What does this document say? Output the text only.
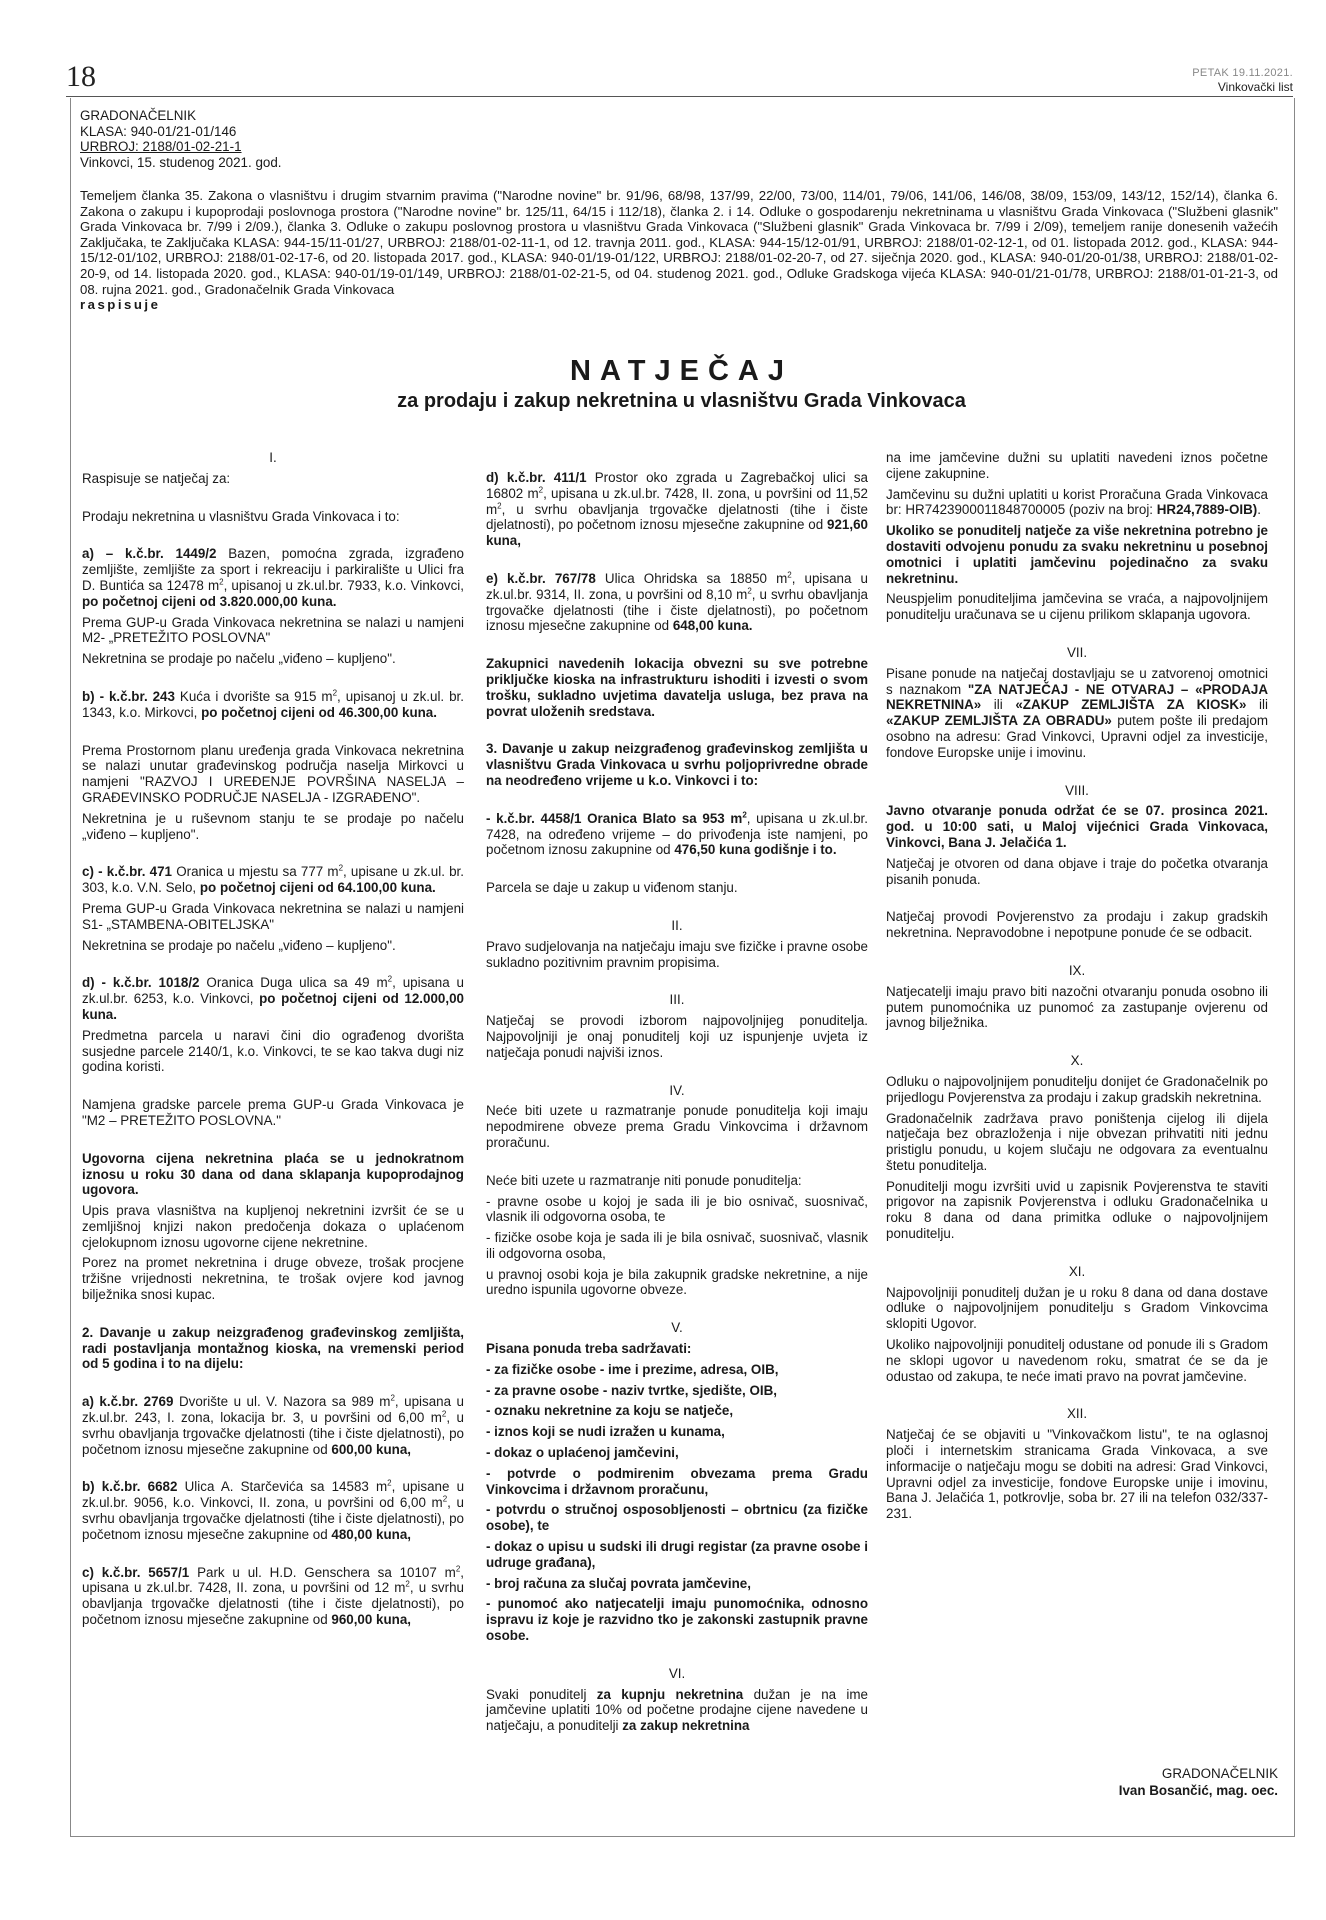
18	PETAK 19.11.2021.
Vinkovački list
GRADONAČELNIK
KLASA: 940-01/21-01/146
URBROJ: 2188/01-02-21-1
Vinkovci, 15. studenog 2021. god.
Temeljem članka 35. Zakona o vlasništvu i drugim stvarnim pravima ("Narodne novine" br. 91/96, 68/98, 137/99, 22/00, 73/00, 114/01, 79/06, 141/06, 146/08, 38/09, 153/09, 143/12, 152/14), članka 6. Zakona o zakupu i kupoprodaji poslovnoga prostora ("Narodne novine" br. 125/11, 64/15 i 112/18), članka 2. i 14. Odluke o gospodarenju nekretninama u vlasništvu Grada Vinkovaca ("Službeni glasnik" Grada Vinkovaca br. 7/99 i 2/09.), članka 3. Odluke o zakupu poslovnog prostora u vlasništvu Grada Vinkovaca ("Službeni glasnik" Grada Vinkovaca br. 7/99 i 2/09), temeljem ranije donesenih važećih Zaključaka, te Zaključaka KLASA: 944-15/11-01/27, URBROJ: 2188/01-02-11-1, od 12. travnja 2011. god., KLASA: 944-15/12-01/91, URBROJ: 2188/01-02-12-1, od 01. listopada 2012. god., KLASA: 944-15/12-01/102, URBROJ: 2188/01-02-17-6, od 20. listopada 2017. god., KLASA: 940-01/19-01/122, URBROJ: 2188/01-02-20-7, od 27. siječnja 2020. god., KLASA: 940-01/20-01/38, URBROJ: 2188/01-02-20-9, od 14. listopada 2020. god., KLASA: 940-01/19-01/149, URBROJ: 2188/01-02-21-5, od 04. studenog 2021. god., Odluke Gradskoga vijeća KLASA: 940-01/21-01/78, URBROJ: 2188/01-01-21-3, od 08. rujna 2021. god., Gradonačelnik Grada Vinkovaca
raspisuje
NATJEČAJ
za prodaju i zakup nekretnina u vlasništvu Grada Vinkovaca

I.

Raspisuje se natječaj za:

Prodaju nekretnina u vlasništvu Grada Vinkovaca i to:

a) – k.č.br. 1449/2 Bazen, pomoćna zgrada, izgrađeno zemljište, zemljište za sport i rekreaciju i parkiralište u Ulici fra D. Buntića sa 12478 $m^2$, upisanoj u zk.ul.br. 7933, k.o. Vinkovci, po početnoj cijeni od 3.820.000,00 kuna.

Prema GUP-u Grada Vinkovaca nekretnina se nalazi u namjeni M2- „PRETEŽITO POSLOVNA"

Nekretnina se prodaje po načelu „viđeno – kupljeno".

b) - k.č.br. 243 Kuća i dvorište sa 915 $m^2$, upisanoj u zk.ul. br. 1343, k.o. Mirkovci, po početnoj cijeni od 46.300,00 kuna.

Prema Prostornom planu uređenja grada Vinkovaca nekretnina se nalazi unutar građevinskog područja naselja Mirkovci u namjeni "RAZVOJ I UREĐENJE POVRŠINA NASELJA – GRAĐEVINSKO PODRUČJE NASELJA - IZGRAĐENO".

Nekretnina je u ruševnom stanju te se prodaje po načelu „viđeno – kupljeno".

c) - k.č.br. 471 Oranica u mjestu sa 777 $m^2$, upisane u zk.ul. br. 303, k.o. V.N. Selo, po početnoj cijeni od 64.100,00 kuna.

Prema GUP-u Grada Vinkovaca nekretnina se nalazi u namjeni S1- „STAMBENA-OBITELJSKA"

Nekretnina se prodaje po načelu „viđeno – kupljeno".

d) - k.č.br. 1018/2 Oranica Duga ulica sa 49 $m^2$, upisana u zk.ul.br. 6253, k.o. Vinkovci, po početnoj cijeni od 12.000,00 kuna.

Predmetna parcela u naravi čini dio ograđenog dvorišta susjedne parcele 2140/1, k.o. Vinkovci, te se kao takva dugi niz godina koristi.

Namjena gradske parcele prema GUP-u Grada Vinkovaca je "M2 – PRETEŽITO POSLOVNA."

Ugovorna cijena nekretnina plaća se u jednokratnom iznosu u roku 30 dana od dana sklapanja kupoprodajnog ugovora.

Upis prava vlasništva na kupljenoj nekretnini izvršit će se u zemljišnoj knjizi nakon predočenja dokaza o uplaćenom cjelokupnom iznosu ugovorne cijene nekretnine.

Porez na promet nekretnina i druge obveze, trošak procjene tržišne vrijednosti nekretnina, te trošak ovjere kod javnog bilježnika snosi kupac.

2. Davanje u zakup neizgrađenog građevinskog zemljišta, radi postavljanja montažnog kioska, na vremenski period od 5 godina i to na dijelu:

a) k.č.br. 2769 Dvorište u ul. V. Nazora sa 989 $m^2$, upisana u zk.ul.br. 243, I. zona, lokacija br. 3, u površini od 6,00 $m^2$, u svrhu obavljanja trgovačke djelatnosti (tihe i čiste djelatnosti), po početnom iznosu mjesečne zakupnine od 600,00 kuna,

b) k.č.br. 6682 Ulica A. Starčevića sa 14583 $m^2$, upisane u zk.ul.br. 9056, k.o. Vinkovci, II. zona, u površini od 6,00 $m^2$, u svrhu obavljanja trgovačke djelatnosti (tihe i čiste djelatnosti), po početnom iznosu mjesečne zakupnine od 480,00 kuna,

c) k.č.br. 5657/1 Park u ul. H.D. Genschera sa 10107 $m^2$, upisana u zk.ul.br. 7428, II. zona, u površini od 12 $m^2$, u svrhu obavljanja trgovačke djelatnosti (tihe i čiste djelatnosti), po početnom iznosu mjesečne zakupnine od 960,00 kuna,

d) k.č.br. 411/1 Prostor oko zgrada u Zagrebačkoj ulici sa 16802 $m^2$, upisana u zk.ul.br. 7428, II. zona, u površini od 11,52 $m^2$, u svrhu obavljanja trgovačke djelatnosti (tihe i čiste djelatnosti), po početnom iznosu mjesečne zakupnine od 921,60 kuna,

e) k.č.br. 767/78 Ulica Ohridska sa 18850 $m^2$, upisana u zk.ul.br. 9314, II. zona, u površini od 8,10 $m^2$, u svrhu obavljanja trgovačke djelatnosti (tihe i čiste djelatnosti), po početnom iznosu mjesečne zakupnine od 648,00 kuna.

Zakupnici navedenih lokacija obvezni su sve potrebne priključke kioska na infrastrukturu ishoditi i izvesti o svom trošku, sukladno uvjetima davatelja usluga, bez prava na povrat uloženih sredstava.

3. Davanje u zakup neizgrađenog građevinskog zemljišta u vlasništvu Grada Vinkovaca u svrhu poljoprivredne obrade na neodređeno vrijeme u k.o. Vinkovci i to:

- k.č.br. 4458/1 Oranica Blato sa 953 $m^2$, upisana u zk.ul.br. 7428, na određeno vrijeme – do privođenja iste namjeni, po početnom iznosu zakupnine od 476,50 kuna godišnje i to.

Parcela se daje u zakup u viđenom stanju.

II.

Pravo sudjelovanja na natječaju imaju sve fizičke i pravne osobe sukladno pozitivnim pravnim propisima.

III.

Natječaj se provodi izborom najpovoljnijeg ponuditelja. Najpovoljniji je onaj ponuditelj koji uz ispunjenje uvjeta iz natječaja ponudi najviši iznos.

IV.

Neće biti uzete u razmatranje ponude ponuditelja koji imaju nepodmirene obveze prema Gradu Vinkovcima i državnom proračunu.

Neće biti uzete u razmatranje niti ponude ponuditelja:

- pravne osobe u kojoj je sada ili je bio osnivač, suosnivač, vlasnik ili odgovorna osoba, te

- fizičke osobe koja je sada ili je bila osnivač, suosnivač, vlasnik ili odgovorna osoba,

u pravnoj osobi koja je bila zakupnik gradske nekretnine, a nije uredno ispunila ugovorne obveze.

V.

Pisana ponuda treba sadržavati:

- za fizičke osobe - ime i prezime, adresa, OIB,

- za pravne osobe - naziv tvrtke, sjedište, OIB,

- oznaku nekretnine za koju se natječe,

- iznos koji se nudi izražen u kunama,

- dokaz o uplaćenoj jamčevini,

- potvrde o podmirenim obvezama prema Gradu Vinkovcima i državnom proračunu,

- potvrdu o stručnoj osposobljenosti – obrtnicu (za fizičke osobe), te

- dokaz o upisu u sudski ili drugi registar (za pravne osobe i udruge građana),

- broj računa za slučaj povrata jamčevine,

- punomoć ako natjecatelji imaju punomoćnika, odnosno ispravu iz koje je razvidno tko je zakonski zastupnik pravne osobe.

VI.

Svaki ponuditelj za kupnju nekretnina dužan je na ime jamčevine uplatiti 10% od početne prodajne cijene navedene u natječaju, a ponuditelji za zakup nekretnina

na ime jamčevine dužni su uplatiti navedeni iznos početne cijene zakupnine.

Jamčevinu su dužni uplatiti u korist Proračuna Grada Vinkovaca br: HR7423900011848700005 (poziv na broj: HR24,7889-OIB).

Ukoliko se ponuditelj natječe za više nekretnina potrebno je dostaviti odvojenu ponudu za svaku nekretninu u posebnoj omotnici i uplatiti jamčevinu pojedinačno za svaku nekretninu.

Neuspjelim ponuditeljima jamčevina se vraća, a najpovoljnijem ponuditelju uračunava se u cijenu prilikom sklapanja ugovora.

VII.

Pisane ponude na natječaj dostavljaju se u zatvorenoj omotnici s naznakom "ZA NATJEČAJ - NE OTVARAJ – «PRODAJA NEKRETNINA» ili «ZAKUP ZEMLJIŠTA ZA KIOSK» ili «ZAKUP ZEMLJIŠTA ZA OBRADU» putem pošte ili predajom osobno na adresu: Grad Vinkovci, Upravni odjel za investicije, fondove Europske unije i imovinu.

VIII.

Javno otvaranje ponuda održat će se 07. prosinca 2021. god. u 10:00 sati, u Maloj vijećnici Grada Vinkovaca, Vinkovci, Bana J. Jelačića 1.

Natječaj je otvoren od dana objave i traje do početka otvaranja pisanih ponuda.

Natječaj provodi Povjerenstvo za prodaju i zakup gradskih nekretnina. Nepravodobne i nepotpune ponude će se odbacit.

IX.

Natjecatelji imaju pravo biti nazočni otvaranju ponuda osobno ili putem punomoćnika uz punomoć za zastupanje ovjerenu od javnog bilježnika.

X.

Odluku o najpovoljnijem ponuditelju donijet će Gradonačelnik po prijedlogu Povjerenstva za prodaju i zakup gradskih nekretnina.

Gradonačelnik zadržava pravo poništenja cijelog ili dijela natječaja bez obrazloženja i nije obvezan prihvatiti niti jednu pristiglu ponudu, u kojem slučaju ne odgovara za eventualnu štetu ponuditelja.

Ponuditelji mogu izvršiti uvid u zapisnik Povjerenstva te staviti prigovor na zapisnik Povjerenstva i odluku Gradonačelnika u roku 8 dana od dana primitka odluke o najpovoljnijem ponuditelju.

XI.

Najpovoljniji ponuditelj dužan je u roku 8 dana od dana dostave odluke o najpovoljnijem ponuditelju s Gradom Vinkovcima sklopiti Ugovor.

Ukoliko najpovoljniji ponuditelj odustane od ponude ili s Gradom ne sklopi ugovor u navedenom roku, smatrat će se da je odustao od zakupa, te neće imati pravo na povrat jamčevine.

XII.

Natječaj će se objaviti u "Vinkovačkom listu", te na oglasnoj ploči i internetskim stranicama Grada Vinkovaca, a sve informacije o natječaju mogu se dobiti na adresi: Grad Vinkovci, Upravni odjel za investicije, fondove Europske unije i imovinu, Bana J. Jelačića 1, potkrovlje, soba br. 27 ili na telefon 032/337-231.

GRADONAČELNIK
Ivan Bosančić, mag. oec.
